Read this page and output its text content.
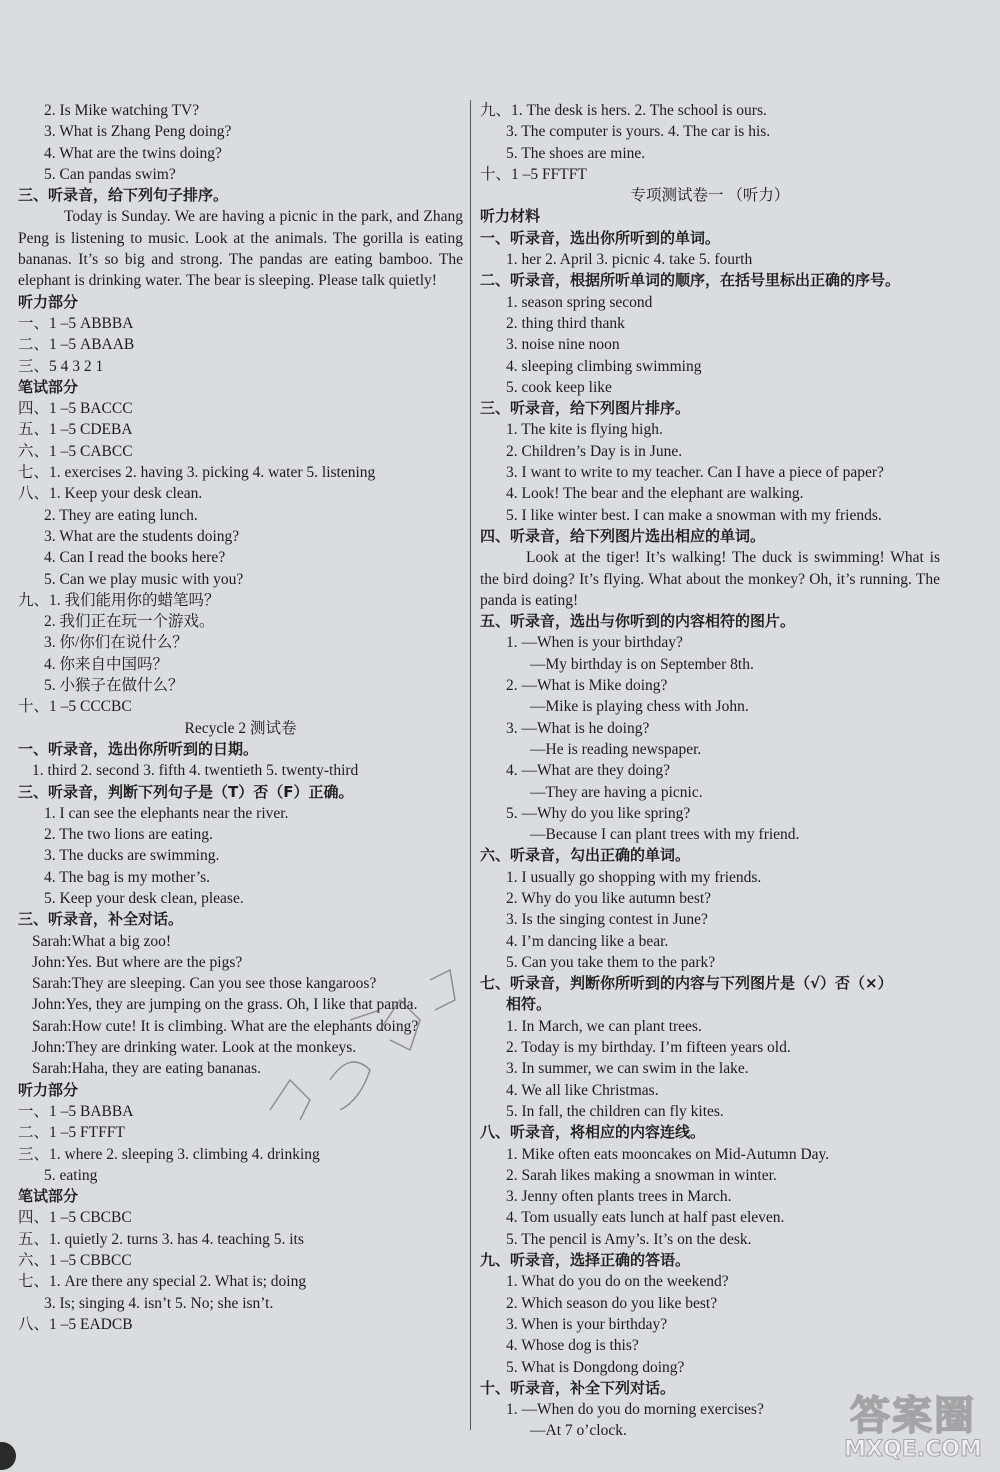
2. Is Mike watching TV?
3. What is Zhang Peng doing?
4. What are the twins doing?
5. Can pandas swim?
三、听录音，给下列句子排序。
Today is Sunday. We are having a picnic in the park, and Zhang Peng is listening to music. Look at the animals. The gorilla is eating bananas. It’s so big and strong. The pandas are eating bamboo. The elephant is drinking water. The bear is sleeping. Please talk quietly!
听力部分
一、1 –5 ABBBA
二、1 –5 ABAAB
三、5 4 3 2 1
笔试部分
四、1 –5 BACCC
五、1 –5 CDEBA
六、1 –5 CABCC
七、1. exercises 2. having 3. picking 4. water 5. listening
八、1. Keep your desk clean.
2. They are eating lunch.
3. What are the students doing?
4. Can I read the books here?
5. Can we play music with you?
九、1. 我们能用你的蜡笔吗？
2. 我们正在玩一个游戏。
3. 你/你们在说什么？
4. 你来自中国吗？
5. 小猴子在做什么？
十、1 –5 CCCBC
Recycle 2 测试卷
一、听录音，选出你所听到的日期。
1. third 2. second 3. fifth 4. twentieth 5. twenty-third
三、听录音，判断下列句子是（T）否（F）正确。
1. I can see the elephants near the river.
2. The two lions are eating.
3. The ducks are swimming.
4. The bag is my mother’s.
5. Keep your desk clean, please.
三、听录音，补全对话。
Sarah: What a big zoo!
John: Yes. But where are the pigs?
Sarah: They are sleeping. Can you see those kangaroos?
John: Yes, they are jumping on the grass. Oh, I like that panda.
Sarah: How cute! It is climbing. What are the elephants doing?
John: They are drinking water. Look at the monkeys.
Sarah: Haha, they are eating bananas.
听力部分
一、1 –5 BABBA
二、1 –5 FTFFT
三、1. where 2. sleeping 3. climbing 4. drinking
5. eating
笔试部分
四、1 –5 CBCBC
五、1. quietly 2. turns 3. has 4. teaching 5. its
六、1 –5 CBBCC
七、1. Are there any special 2. What is; doing
3. Is; singing 4. isn’t 5. No; she isn’t.
八、1 –5 EADCB
九、1. The desk is hers. 2. The school is ours.
3. The computer is yours. 4. The car is his.
5. The shoes are mine.
十、1 –5 FFTFT
专项测试卷一 （听力）
听力材料
一、听录音，选出你所听到的单词。
1. her 2. April 3. picnic 4. take 5. fourth
二、听录音，根据所听单词的顺序，在括号里标出正确的序号。
1. season spring second
2. thing third thank
3. noise nine noon
4. sleeping climbing swimming
5. cook keep like
三、听录音，给下列图片排序。
1. The kite is flying high.
2. Children’s Day is in June.
3. I want to write to my teacher. Can I have a piece of paper?
4. Look! The bear and the elephant are walking.
5. I like winter best. I can make a snowman with my friends.
四、听录音，给下列图片选出相应的单词。
Look at the tiger! It’s walking! The duck is swimming! What is the bird doing? It’s flying. What about the monkey? Oh, it’s running. The panda is eating!
五、听录音，选出与你听到的内容相符的图片。
1. —When is your birthday?
—My birthday is on September 8th.
2. —What is Mike doing?
—Mike is playing chess with John.
3. —What is he doing?
—He is reading newspaper.
4. —What are they doing?
—They are having a picnic.
5. —Why do you like spring?
—Because I can plant trees with my friend.
六、听录音，勾出正确的单词。
1. I usually go shopping with my friends.
2. Why do you like autumn best?
3. Is the singing contest in June?
4. I’m dancing like a bear.
5. Can you take them to the park?
七、听录音，判断你所听到的内容与下列图片是（√）否（×）
相符。
1. In March, we can plant trees.
2. Today is my birthday. I’m fifteen years old.
3. In summer, we can swim in the lake.
4. We all like Christmas.
5. In fall, the children can fly kites.
八、听录音，将相应的内容连线。
1. Mike often eats mooncakes on Mid-Autumn Day.
2. Sarah likes making a snowman in winter.
3. Jenny often plants trees in March.
4. Tom usually eats lunch at half past eleven.
5. The pencil is Amy’s. It’s on the desk.
九、听录音，选择正确的答语。
1. What do you do on the weekend?
2. Which season do you like best?
3. When is your birthday?
4. Whose dog is this?
5. What is Dongdong doing?
十、听录音，补全下列对话。
1. —When do you do morning exercises?
—At 7 o’clock.	答案圈
MXQE.COM
